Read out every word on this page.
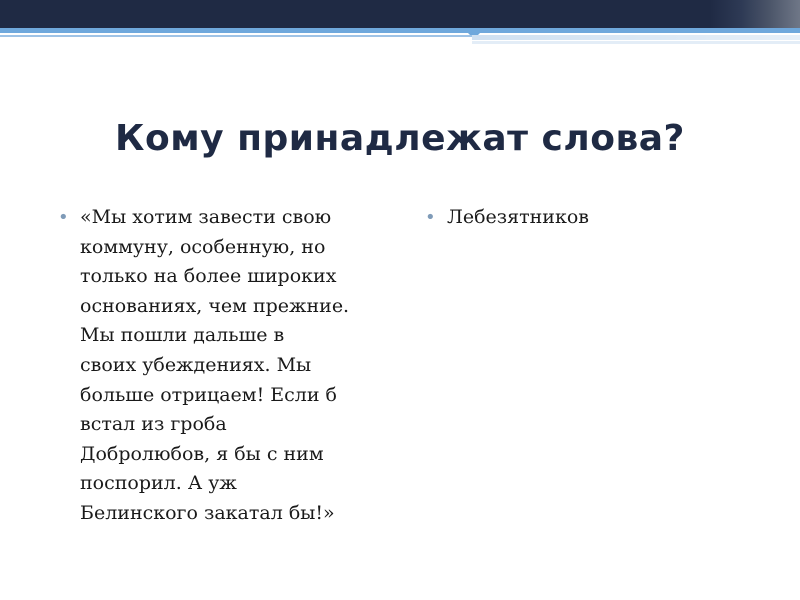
Кому принадлежат слова?
• «Мы хотим завести свою
коммуну, особенную, но
только на более широких
основаниях, чем прежние.
Мы пошли дальше в
своих убеждениях. Мы
больше отрицаем! Если б
встал из гроба
Добролюбов, я бы с ним
поспорил. А уж
Белинского закатал бы!»
• Лебезятников
